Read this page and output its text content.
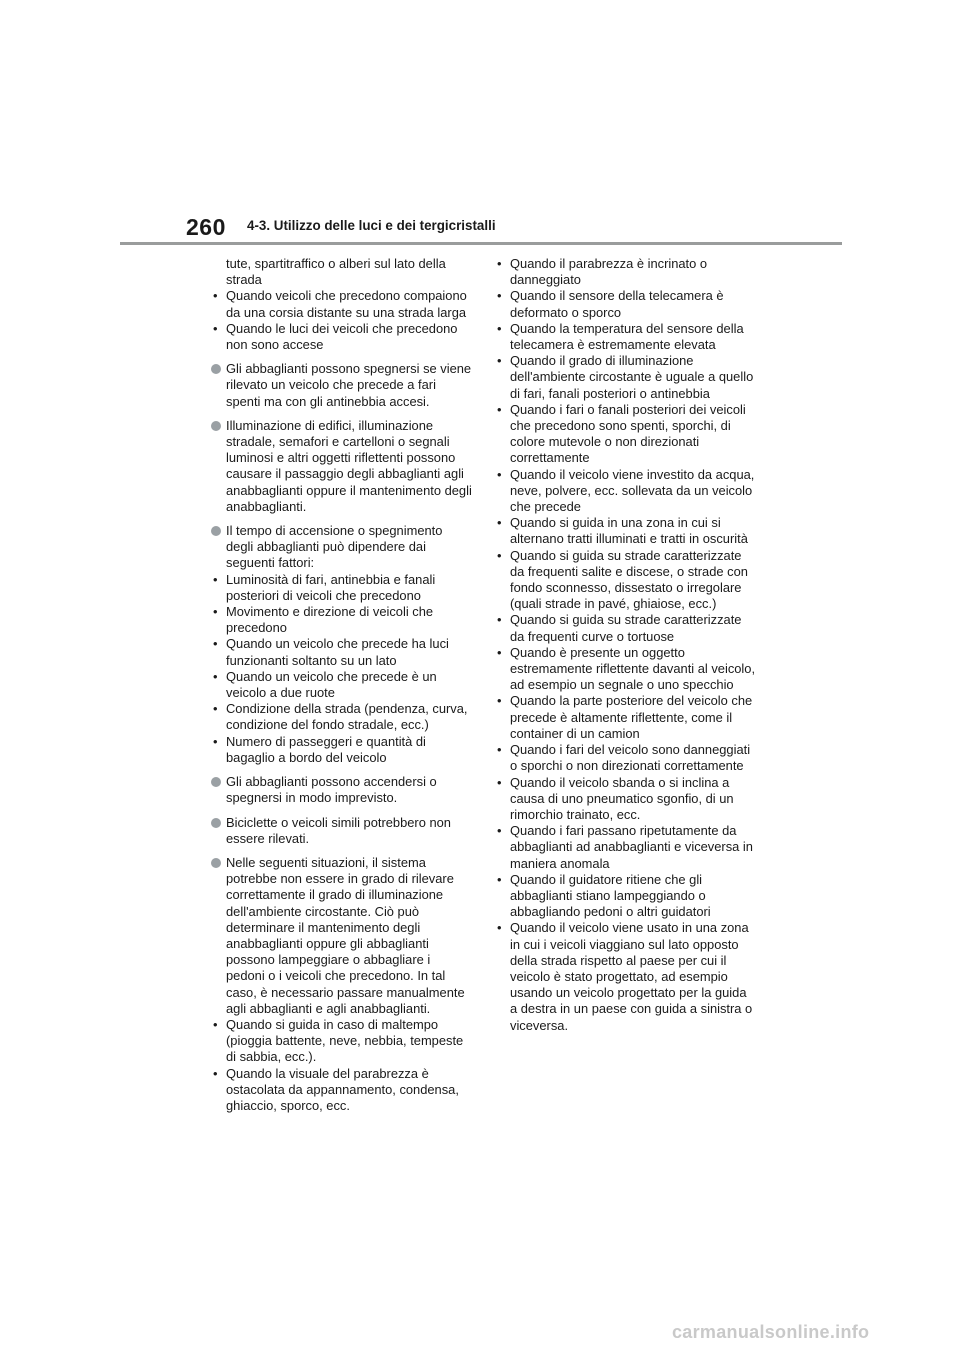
260 4-3. Utilizzo delle luci e dei tergicristalli
tute, spartitraffico o alberi sul lato della strada
• Quando veicoli che precedono compaiono da una corsia distante su una strada larga
• Quando le luci dei veicoli che precedono non sono accese
Gli abbaglianti possono spegnersi se viene rilevato un veicolo che precede a fari spenti ma con gli antinebbia accesi.
Illuminazione di edifici, illuminazione stradale, semafori e cartelloni o segnali luminosi e altri oggetti riflettenti possono causare il passaggio degli abbaglianti agli anabbaglianti oppure il mantenimento degli anabbaglianti.
Il tempo di accensione o spegnimento degli abbaglianti può dipendere dai seguenti fattori:
• Luminosità di fari, antinebbia e fanali posteriori di veicoli che precedono
• Movimento e direzione di veicoli che precedono
• Quando un veicolo che precede ha luci funzionanti soltanto su un lato
• Quando un veicolo che precede è un veicolo a due ruote
• Condizione della strada (pendenza, curva, condizione del fondo stradale, ecc.)
• Numero di passeggeri e quantità di bagaglio a bordo del veicolo
Gli abbaglianti possono accendersi o spegnersi in modo imprevisto.
Biciclette o veicoli simili potrebbero non essere rilevati.
Nelle seguenti situazioni, il sistema potrebbe non essere in grado di rilevare correttamente il grado di illuminazione dell'ambiente circostante. Ciò può determinare il mantenimento degli anabbaglianti oppure gli abbaglianti possono lampeggiare o abbagliare i pedoni o i veicoli che precedono. In tal caso, è necessario passare manualmente agli abbaglianti e agli anabbaglianti.
• Quando si guida in caso di maltempo (pioggia battente, neve, nebbia, tempeste di sabbia, ecc.).
• Quando la visuale del parabrezza è ostacolata da appannamento, condensa, ghiaccio, sporco, ecc.
• Quando il parabrezza è incrinato o danneggiato
• Quando il sensore della telecamera è deformato o sporco
• Quando la temperatura del sensore della telecamera è estremamente elevata
• Quando il grado di illuminazione dell'ambiente circostante è uguale a quello di fari, fanali posteriori o antinebbia
• Quando i fari o fanali posteriori dei veicoli che precedono sono spenti, sporchi, di colore mutevole o non direzionati correttamente
• Quando il veicolo viene investito da acqua, neve, polvere, ecc. sollevata da un veicolo che precede
• Quando si guida in una zona in cui si alternano tratti illuminati e tratti in oscurità
• Quando si guida su strade caratterizzate da frequenti salite e discese, o strade con fondo sconnesso, dissestato o irregolare (quali strade in pavé, ghiaiose, ecc.)
• Quando si guida su strade caratterizzate da frequenti curve o tortuose
• Quando è presente un oggetto estremamente riflettente davanti al veicolo, ad esempio un segnale o uno specchio
• Quando la parte posteriore del veicolo che precede è altamente riflettente, come il container di un camion
• Quando i fari del veicolo sono danneggiati o sporchi o non direzionati correttamente
• Quando il veicolo sbanda o si inclina a causa di uno pneumatico sgonfio, di un rimorchio trainato, ecc.
• Quando i fari passano ripetutamente da abbaglianti ad anabbaglianti e viceversa in maniera anomala
• Quando il guidatore ritiene che gli abbaglianti stiano lampeggiando o abbagliando pedoni o altri guidatori
• Quando il veicolo viene usato in una zona in cui i veicoli viaggiano sul lato opposto della strada rispetto al paese per cui il veicolo è stato progettato, ad esempio usando un veicolo progettato per la guida a destra in un paese con guida a sinistra o viceversa.
carmanualsonline.info
